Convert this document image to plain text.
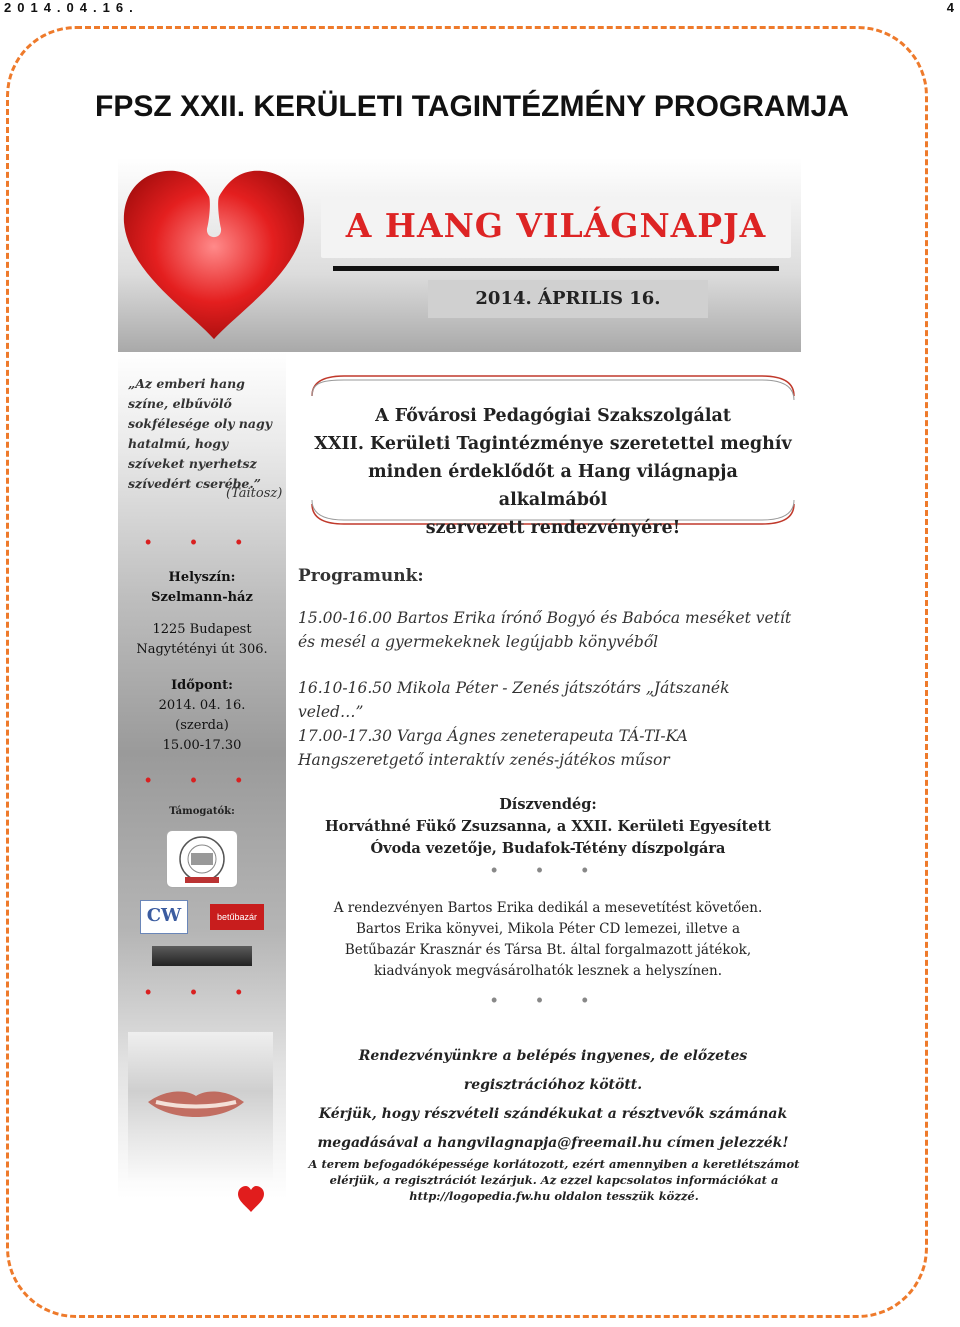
2014.04.16.	4
FPSZ XXII. KERÜLETI TAGINTÉZMÉNY PROGRAMJA
A HANG VILÁGNAPJA
2014. ÁPRILIS 16.
„Az emberi hang színe, elbűvölő sokfélesége oly nagy hatalmú, hogy szíveket nyerhetsz szívedért cserébe.”
(Taitosz)
• • •
Helyszín:
Szelmann-ház
1225 Budapest
Nagytétényi út 306.
Időpont:
2014. 04. 16.
(szerda)
15.00-17.30
• • •
Támogatók:
CW	betűbazár
• • •
A Fővárosi Pedagógiai Szakszolgálat
XXII. Kerületi Tagintézménye szeretettel meghív
minden érdeklődőt a Hang világnapja alkalmából
szervezett rendezvényére!
Programunk:
15.00-16.00 Bartos Erika írónő Bogyó és Babóca meséket vetít és mesél a gyermekeknek legújabb könyvéből
16.10-16.50 Mikola Péter - Zenés játszótárs „Játszanék veled…”
17.00-17.30 Varga Ágnes zeneterapeuta TÁ-TI-KA Hangszeretgető interaktív zenés-játékos műsor
Díszvendég:
Horváthné Fükő Zsuzsanna, a XXII. Kerületi Egyesített Óvoda vezetője, Budafok-Tétény díszpolgára
• • •
A rendezvényen Bartos Erika dedikál a mesevetítést követően.
Bartos Erika könyvei, Mikola Péter CD lemezei, illetve a
Betűbazár Krasznár és Társa Bt. által forgalmazott játékok,
kiadványok megvásárolhatók lesznek a helyszínen.
• • •
Rendezvényünkre a belépés ingyenes, de előzetes regisztrációhoz kötött.
Kérjük, hogy részvételi szándékukat a résztvevők számának
megadásával a hangvilagnapja@freemail.hu címen jelezzék!
A terem befogadóképessége korlátozott, ezért amennyiben a keretlétszámot elérjük, a regisztrációt lezárjuk. Az ezzel kapcsolatos információkat a http://logopedia.fw.hu oldalon tesszük közzé.
